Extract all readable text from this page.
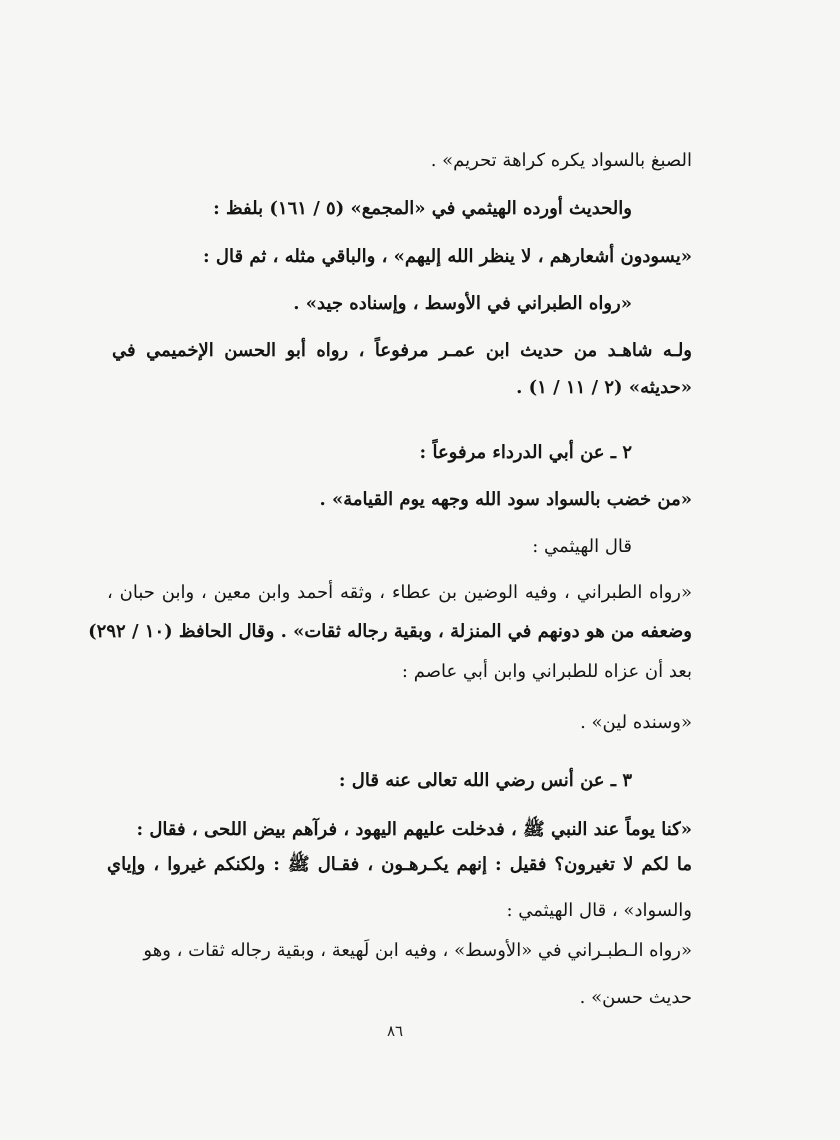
الصبغ بالسواد يكره كراهة تحريم» .
والحديث أورده الهيثمي في «المجمع» (٥ / ١٦١) بلفظ :
«يسودون أشعارهم ، لا ينظر الله إليهم» ، والباقي مثله ، ثم قال :
«رواه الطبراني في الأوسط ، وإسناده جيد» .
ولـه شاهـد من حديث ابن عمـر مرفوعاً ، رواه أبو الحسن الإخميمي في
«حديثه» (٢ / ١١ / ١) .
٢ ـ عن أبي الدرداء مرفوعاً :
«من خضب بالسواد سود الله وجهه يوم القيامة» .
قال الهيثمي :
«رواه الطبراني ، وفيه الوضين بن عطاء ، وثقه أحمد وابن معين ، وابن حبان ،
وضعفه من هو دونهم في المنزلة ، وبقية رجاله ثقات» . وقال الحافظ (١٠ / ٢٩٢)
بعد أن عزاه للطبراني وابن أبي عاصم :
«وسنده لين» .
٣ ـ عن أنس رضي الله تعالى عنه قال :
«كنا يوماً عند النبي ﷺ ، فدخلت عليهم اليهود ، فرآهم بيض اللحى ، فقال :
ما لكم لا تغيرون؟ فقيل : إنهم يكـرهـون ، فقـال ﷺ : ولكنكم غيروا ، وإياي
والسواد» ، قال الهيثمي :
«رواه الـطبـراني في «الأوسط» ، وفيه ابن لَهيعة ، وبقية رجاله ثقات ، وهو
حديث حسن» .
٨٦
